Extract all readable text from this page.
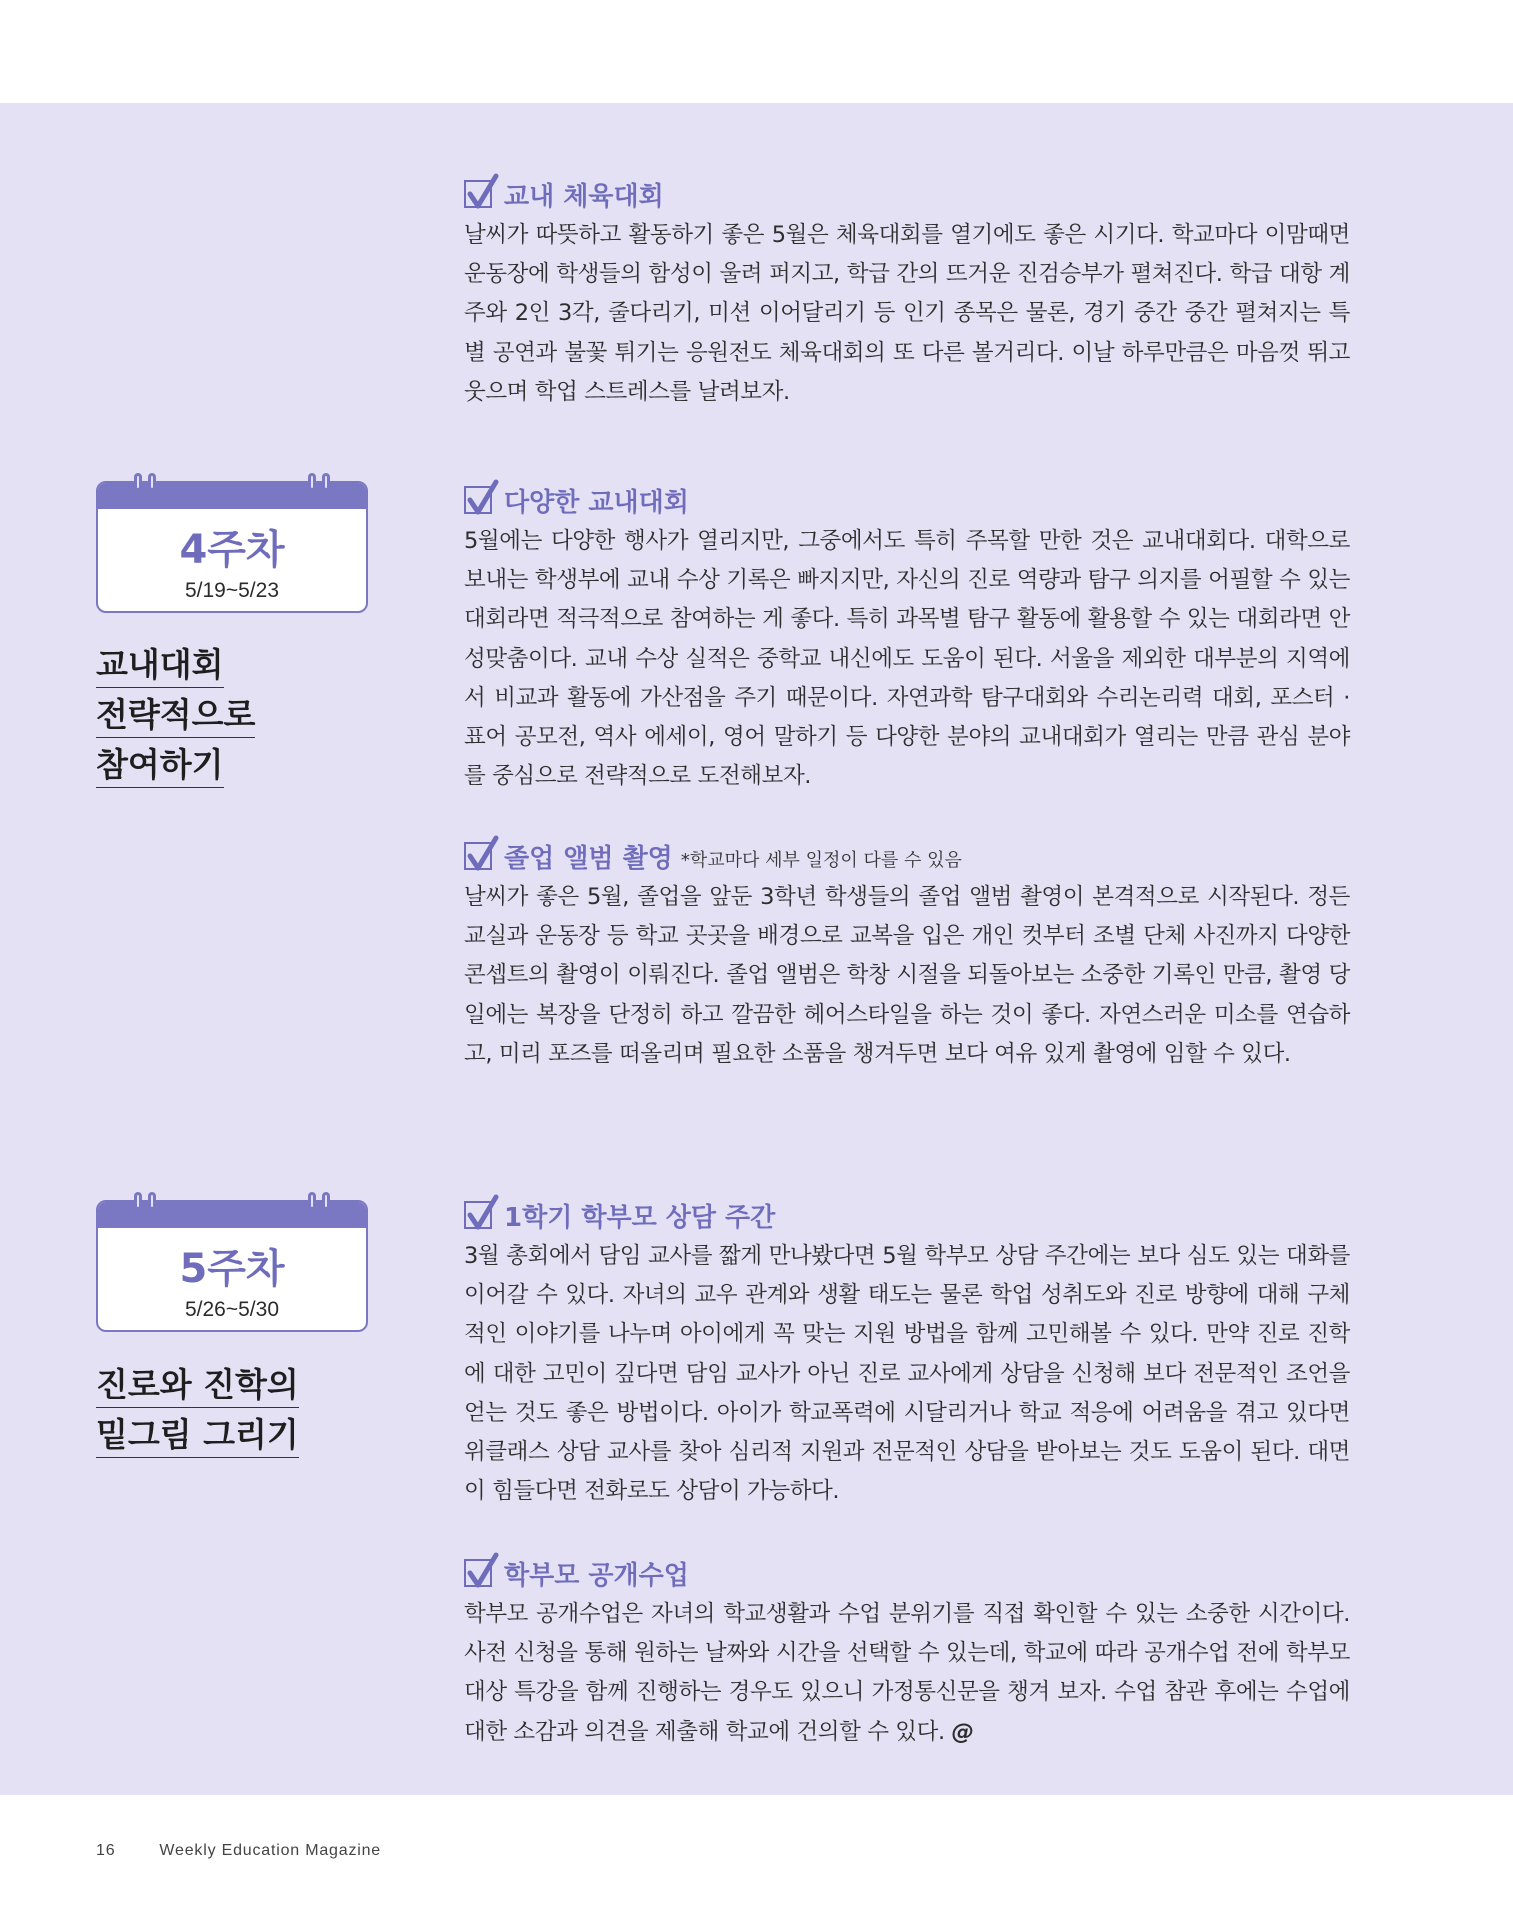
4주차
5/19~5/23
교내대회
전략적으로
참여하기
5주차
5/26~5/30
진로와 진학의
밑그림 그리기
교내 체육대회
날씨가 따뜻하고 활동하기 좋은 5월은 체육대회를 열기에도 좋은 시기다. 학교마다 이맘때면 운동장에 학생들의 함성이 울려 퍼지고, 학급 간의 뜨거운 진검승부가 펼쳐진다. 학급 대항 계주와 2인 3각, 줄다리기, 미션 이어달리기 등 인기 종목은 물론, 경기 중간 중간 펼쳐지는 특별 공연과 불꽃 튀기는 응원전도 체육대회의 또 다른 볼거리다. 이날 하루만큼은 마음껏 뛰고 웃으며 학업 스트레스를 날려보자.
다양한 교내대회
5월에는 다양한 행사가 열리지만, 그중에서도 특히 주목할 만한 것은 교내대회다. 대학으로 보내는 학생부에 교내 수상 기록은 빠지지만, 자신의 진로 역량과 탐구 의지를 어필할 수 있는 대회라면 적극적으로 참여하는 게 좋다. 특히 과목별 탐구 활동에 활용할 수 있는 대회라면 안성맞춤이다. 교내 수상 실적은 중학교 내신에도 도움이 된다. 서울을 제외한 대부분의 지역에서 비교과 활동에 가산점을 주기 때문이다. 자연과학 탐구대회와 수리논리력 대회, 포스터 · 표어 공모전, 역사 에세이, 영어 말하기 등 다양한 분야의 교내대회가 열리는 만큼 관심 분야를 중심으로 전략적으로 도전해보자.
졸업 앨범 촬영 *학교마다 세부 일정이 다를 수 있음
날씨가 좋은 5월, 졸업을 앞둔 3학년 학생들의 졸업 앨범 촬영이 본격적으로 시작된다. 정든 교실과 운동장 등 학교 곳곳을 배경으로 교복을 입은 개인 컷부터 조별 단체 사진까지 다양한 콘셉트의 촬영이 이뤄진다. 졸업 앨범은 학창 시절을 되돌아보는 소중한 기록인 만큼, 촬영 당일에는 복장을 단정히 하고 깔끔한 헤어스타일을 하는 것이 좋다. 자연스러운 미소를 연습하고, 미리 포즈를 떠올리며 필요한 소품을 챙겨두면 보다 여유 있게 촬영에 임할 수 있다.
1학기 학부모 상담 주간
3월 총회에서 담임 교사를 짧게 만나봤다면 5월 학부모 상담 주간에는 보다 심도 있는 대화를 이어갈 수 있다. 자녀의 교우 관계와 생활 태도는 물론 학업 성취도와 진로 방향에 대해 구체적인 이야기를 나누며 아이에게 꼭 맞는 지원 방법을 함께 고민해볼 수 있다. 만약 진로 진학에 대한 고민이 깊다면 담임 교사가 아닌 진로 교사에게 상담을 신청해 보다 전문적인 조언을 얻는 것도 좋은 방법이다. 아이가 학교폭력에 시달리거나 학교 적응에 어려움을 겪고 있다면 위클래스 상담 교사를 찾아 심리적 지원과 전문적인 상담을 받아보는 것도 도움이 된다. 대면이 힘들다면 전화로도 상담이 가능하다.
학부모 공개수업
학부모 공개수업은 자녀의 학교생활과 수업 분위기를 직접 확인할 수 있는 소중한 시간이다. 사전 신청을 통해 원하는 날짜와 시간을 선택할 수 있는데, 학교에 따라 공개수업 전에 학부모 대상 특강을 함께 진행하는 경우도 있으니 가정통신문을 챙겨 보자. 수업 참관 후에는 수업에 대한 소감과 의견을 제출해 학교에 건의할 수 있다. @
16	Weekly Education Magazine
